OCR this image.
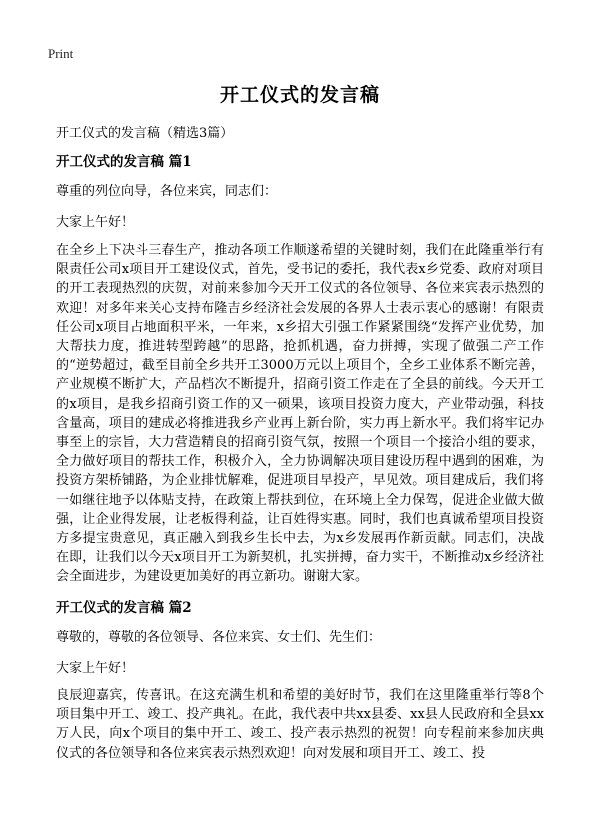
Print
开工仪式的发言稿
开工仪式的发言稿（精选3篇）
开工仪式的发言稿 篇1
尊重的列位向导，各位来宾，同志们：
大家上午好！
在全乡上下决斗三春生产，推动各项工作顺遂希望的关键时刻，我们在此隆重举行有限责任公司x项目开工建设仪式，首先，受书记的委托，我代表x乡党委、政府对项目的开工表现热烈的庆贺，对前来参加今天开工仪式的各位领导、各位来宾表示热烈的欢迎！对多年来关心支持布隆吉乡经济社会发展的各界人士表示衷心的感谢！有限责任公司x项目占地面积平米，一年来，x乡招大引强工作紧紧围绕“发挥产业优势，加大帮扶力度，推进转型跨越”的思路，抢抓机遇，奋力拼搏，实现了做强二产工作的“逆势超过，截至目前全乡共开工3000万元以上项目个，全乡工业体系不断完善，产业规模不断扩大，产品档次不断提升，招商引资工作走在了全县的前线。今天开工的x项目，是我乡招商引资工作的又一硕果，该项目投资力度大，产业带动强，科技含量高，项目的建成必将推进我乡产业再上新台阶，实力再上新水平。我们将牢记办事至上的宗旨，大力营造精良的招商引资气氛，按照一个项目一个接洽小组的要求，全力做好项目的帮扶工作，积极介入，全力协调解决项目建设历程中遇到的困难，为投资方架桥铺路，为企业排忧解难，促进项目早投产，早见效。项目建成后，我们将一如继往地予以体贴支持，在政策上帮扶到位，在环境上全力保驾，促进企业做大做强，让企业得发展，让老板得利益，让百姓得实惠。同时，我们也真诚希望项目投资方多提宝贵意见，真正融入到我乡生长中去，为x乡发展再作新贡献。同志们，决战在即，让我们以今天x项目开工为新契机，扎实拼搏，奋力实干，不断推动x乡经济社会全面进步，为建设更加美好的再立新功。谢谢大家。
开工仪式的发言稿 篇2
尊敬的，尊敬的各位领导、各位来宾、女士们、先生们：
大家上午好！
良辰迎嘉宾，传喜讯。在这充满生机和希望的美好时节，我们在这里隆重举行等8个项目集中开工、竣工、投产典礼。在此，我代表中共xx县委、xx县人民政府和全县xx万人民，向x个项目的集中开工、竣工、投产表示热烈的祝贺！向专程前来参加庆典仪式的各位领导和各位来宾表示热烈欢迎！向对发展和项目开工、竣工、投
